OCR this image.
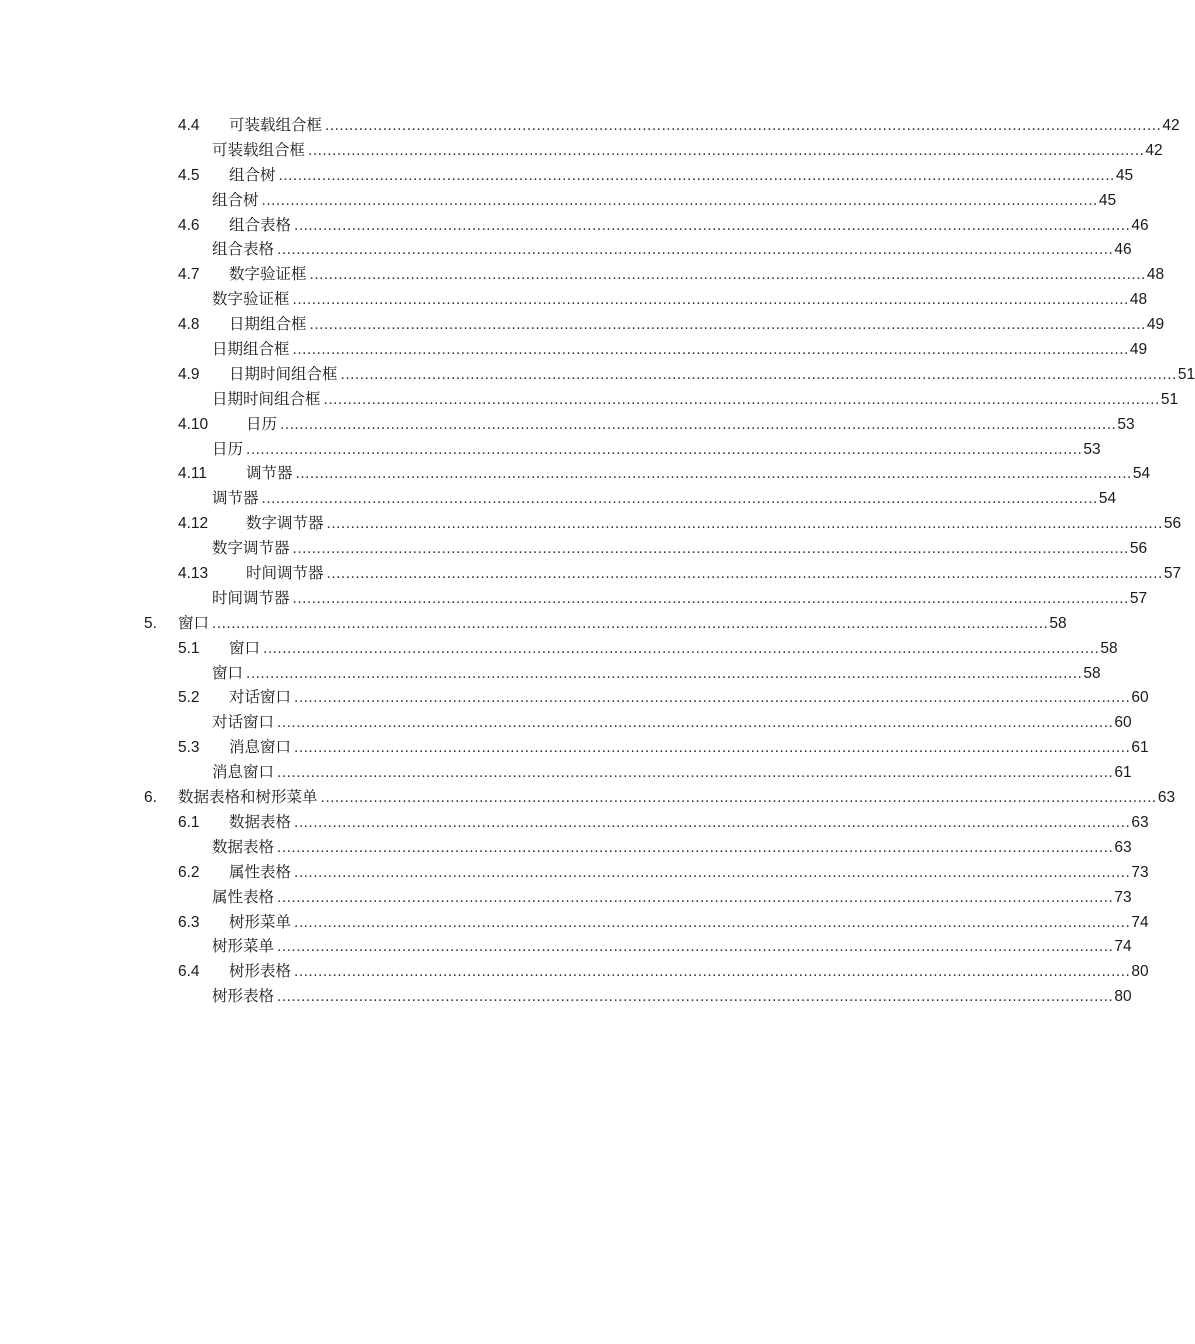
4.4 可装载组合框 .............................................................................................................................................................................. 42
可装载组合框 .............................................................................................................................................................................. 42
4.5 组合树 .............................................................................................................................................................................. 45
组合树 .............................................................................................................................................................................. 45
4.6 组合表格 .............................................................................................................................................................................. 46
组合表格 .............................................................................................................................................................................. 46
4.7 数字验证框 .............................................................................................................................................................................. 48
数字验证框 .............................................................................................................................................................................. 48
4.8 日期组合框 .............................................................................................................................................................................. 49
日期组合框 .............................................................................................................................................................................. 49
4.9 日期时间组合框 .............................................................................................................................................................................. 51
日期时间组合框 .............................................................................................................................................................................. 51
4.10 日历 .............................................................................................................................................................................. 53
日历 .............................................................................................................................................................................. 53
4.11	调节器 .............................................................................................................................................................................. 54
调节器 .............................................................................................................................................................................. 54
4.12 数字调节器 .............................................................................................................................................................................. 56
数字调节器 .............................................................................................................................................................................. 56
4.13 时间调节器 .............................................................................................................................................................................. 57
时间调节器 .............................................................................................................................................................................. 57
5. 窗口 .............................................................................................................................................................................. 58
5.1 窗口 .............................................................................................................................................................................. 58
窗口 .............................................................................................................................................................................. 58
5.2 对话窗口 .............................................................................................................................................................................. 60
对话窗口 .............................................................................................................................................................................. 60
5.3 消息窗口 .............................................................................................................................................................................. 61
消息窗口 .............................................................................................................................................................................. 61
6. 数据表格和树形菜单 .............................................................................................................................................................................. 63
6.1 数据表格 .............................................................................................................................................................................. 63
数据表格 .............................................................................................................................................................................. 63
6.2 属性表格 .............................................................................................................................................................................. 73
属性表格 .............................................................................................................................................................................. 73
6.3 树形菜单 .............................................................................................................................................................................. 74
树形菜单 .............................................................................................................................................................................. 74
6.4 树形表格 .............................................................................................................................................................................. 80
树形表格 .............................................................................................................................................................................. 80
